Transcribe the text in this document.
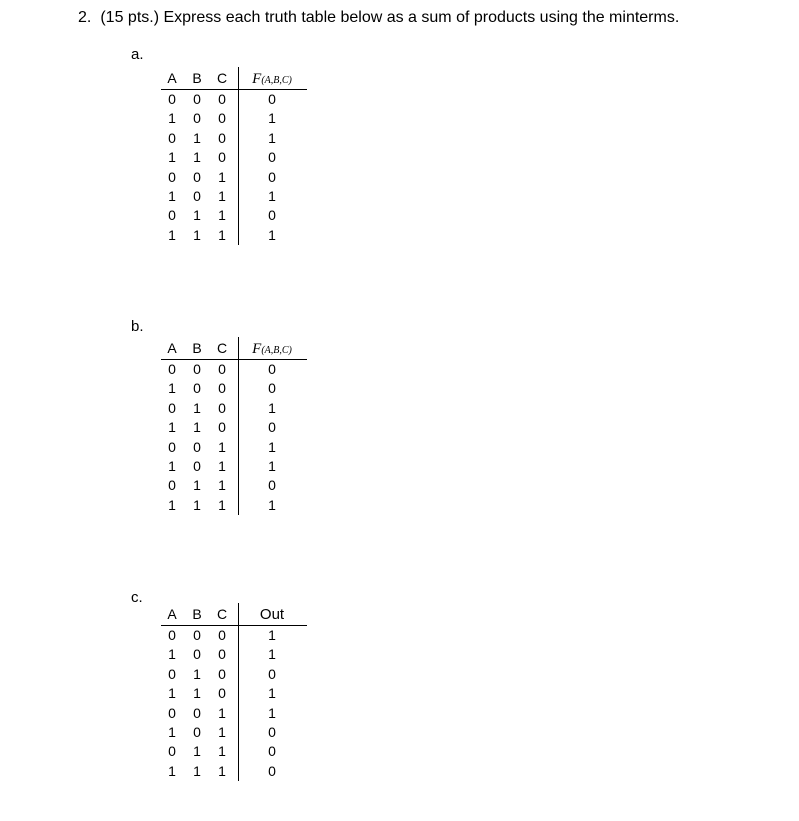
2. (15 pts.) Express each truth table below as a sum of products using the minterms.
a.
A	B	C	F(A,B,C)
0	0	0	0
1	0	0	1
0	1	0	1
1	1	0	0
0	0	1	0
1	0	1	1
0	1	1	0
1	1	1	1
b.
A	B	C	F(A,B,C)
0	0	0	0
1	0	0	0
0	1	0	1
1	1	0	0
0	0	1	1
1	0	1	1
0	1	1	0
1	1	1	1
c.
A	B	C	Out
0	0	0	1
1	0	0	1
0	1	0	0
1	1	0	1
0	0	1	1
1	0	1	0
0	1	1	0
1	1	1	0
